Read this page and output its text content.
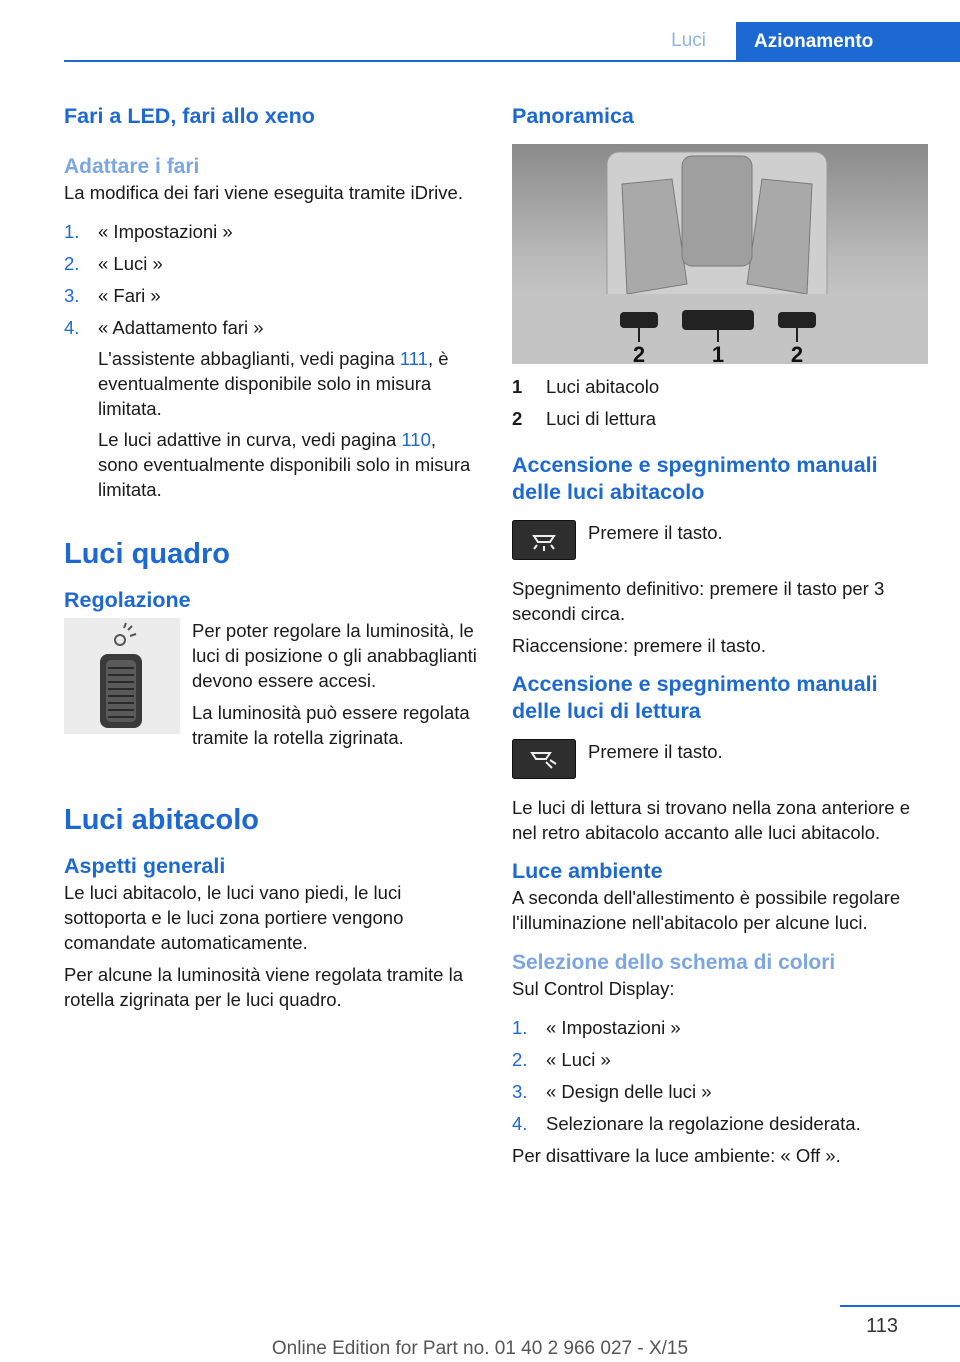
Luci	Azionamento
Fari a LED, fari allo xeno
Adattare i fari

La modifica dei fari viene eseguita tramite iDrive.

1. « Impostazioni »
2. « Luci »
3. « Fari »
4. « Adattamento fari »
L'assistente abbaglianti, vedi pagina 111, è eventualmente disponibile solo in misura limitata.
Le luci adattive in curva, vedi pagina 110, sono eventualmente disponibili solo in misura limitata.
Luci quadro
Regolazione

Per poter regolare la luminosità, le luci di posizione o gli anabbaglianti devono essere accesi.

La luminosità può essere regolata tramite la rotella zigrinata.

Luci abitacolo
Aspetti generali

Le luci abitacolo, le luci vano piedi, le luci sottoporta e le luci zona portiere vengono comandate automaticamente.

Per alcune la luminosità viene regolata tramite la rotella zigrinata per le luci quadro.

Panoramica
2	1	2
1	Luci abitacolo
2	Luci di lettura
Accensione e spegnimento manuali delle luci abitacolo

Premere il tasto.

Spegnimento definitivo: premere il tasto per 3 secondi circa.

Riaccensione: premere il tasto.

Accensione e spegnimento manuali delle luci di lettura

Premere il tasto.

Le luci di lettura si trovano nella zona anteriore e nel retro abitacolo accanto alle luci abitacolo.

Luce ambiente

A seconda dell'allestimento è possibile regolare l'illuminazione nell'abitacolo per alcune luci.

Selezione dello schema di colori

Sul Control Display:

1. « Impostazioni »
2. « Luci »
3. « Design delle luci »
4. Selezionare la regolazione desiderata.

Per disattivare la luce ambiente: « Off ».

113
Online Edition for Part no. 01 40 2 966 027 - X/15
